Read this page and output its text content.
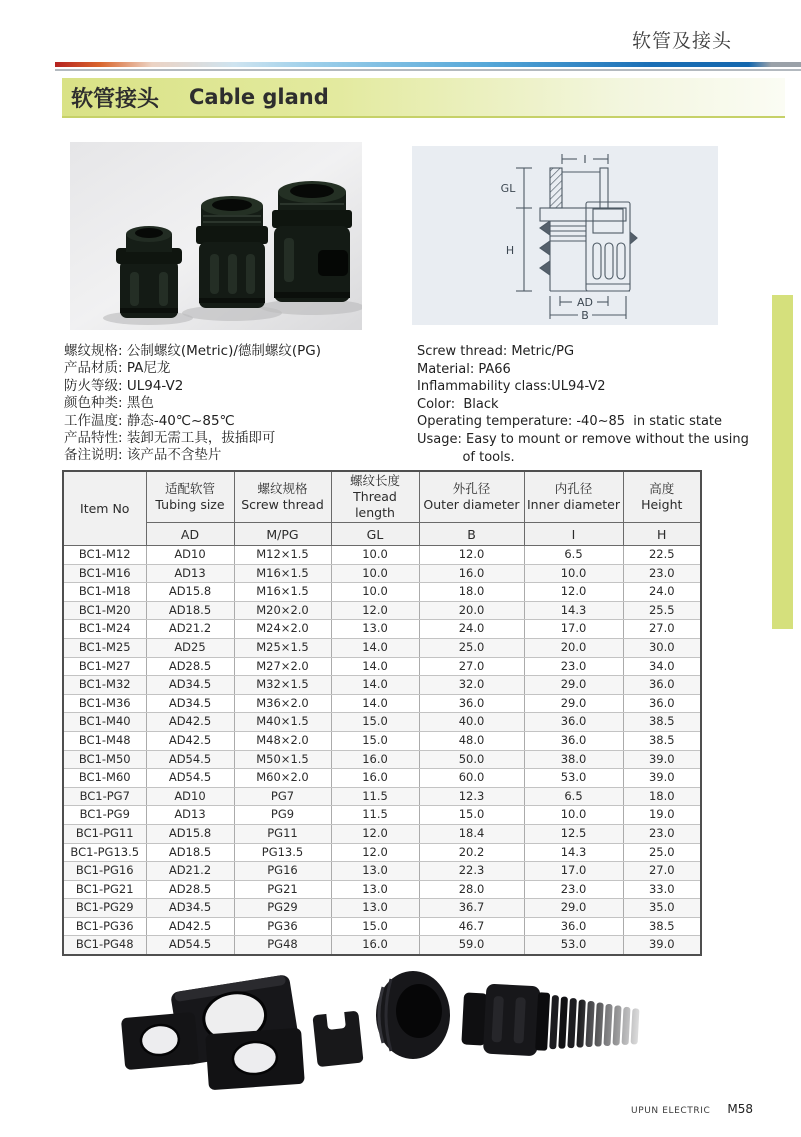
软管及接头
软管接头 Cable gland
I
GL
H
AD
B
螺纹规格: 公制螺纹(Metric)/德制螺纹(PG)
产品材质: PA尼龙
防火等级: UL94-V2
颜色种类: 黑色
工作温度: 静态-40℃~85℃
产品特性: 装卸无需工具，拔插即可
备注说明: 该产品不含垫片
Screw thread: Metric/PG
Material: PA66
Inflammability class:UL94-V2
Color:  Black
Operating temperature: -40~85  in static state
Usage: Easy to mount or remove without the using
of tools.
Item No	
适配软管
Tubing size

螺纹规格
Screw thread

螺纹长度
Thread length

外孔径
Outer diameter

内孔径
Inner diameter

高度
Height

	AD	M/PG	GL	B	I	H
BC1-M12	AD10	M12×1.5	10.0	12.0	6.5	22.5
BC1-M16	AD13	M16×1.5	10.0	16.0	10.0	23.0
BC1-M18	AD15.8	M16×1.5	10.0	18.0	12.0	24.0
BC1-M20	AD18.5	M20×2.0	12.0	20.0	14.3	25.5
BC1-M24	AD21.2	M24×2.0	13.0	24.0	17.0	27.0
BC1-M25	AD25	M25×1.5	14.0	25.0	20.0	30.0
BC1-M27	AD28.5	M27×2.0	14.0	27.0	23.0	34.0
BC1-M32	AD34.5	M32×1.5	14.0	32.0	29.0	36.0
BC1-M36	AD34.5	M36×2.0	14.0	36.0	29.0	36.0
BC1-M40	AD42.5	M40×1.5	15.0	40.0	36.0	38.5
BC1-M48	AD42.5	M48×2.0	15.0	48.0	36.0	38.5
BC1-M50	AD54.5	M50×1.5	16.0	50.0	38.0	39.0
BC1-M60	AD54.5	M60×2.0	16.0	60.0	53.0	39.0
BC1-PG7	AD10	PG7	11.5	12.3	6.5	18.0
BC1-PG9	AD13	PG9	11.5	15.0	10.0	19.0
BC1-PG11	AD15.8	PG11	12.0	18.4	12.5	23.0
BC1-PG13.5	AD18.5	PG13.5	12.0	20.2	14.3	25.0
BC1-PG16	AD21.2	PG16	13.0	22.3	17.0	27.0
BC1-PG21	AD28.5	PG21	13.0	28.0	23.0	33.0
BC1-PG29	AD34.5	PG29	13.0	36.7	29.0	35.0
BC1-PG36	AD42.5	PG36	15.0	46.7	36.0	38.5
BC1-PG48	AD54.5	PG48	16.0	59.0	53.0	39.0
UPUN ELECTRIC M58
